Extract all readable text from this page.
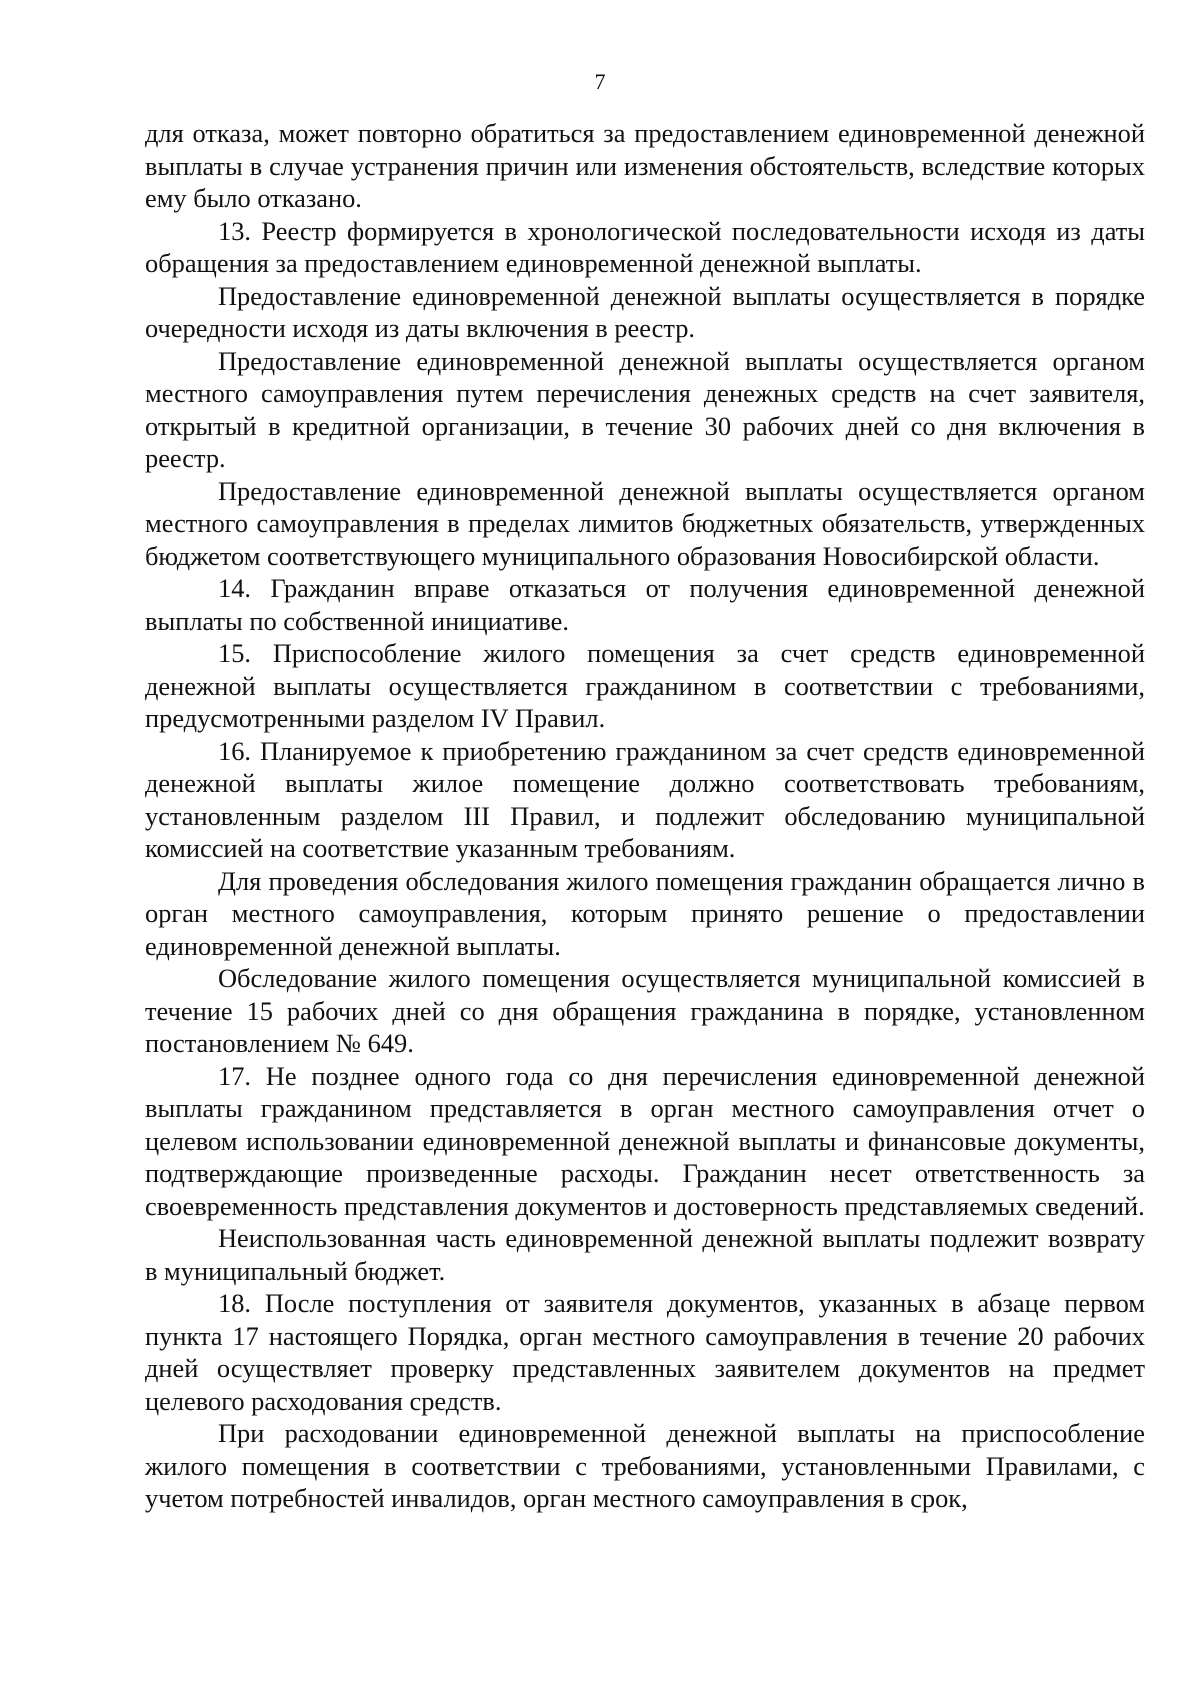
7

для отказа, может повторно обратиться за предоставлением единовременной денежной выплаты в случае устранения причин или изменения обстоятельств, вследствие которых ему было отказано.

13. Реестр формируется в хронологической последовательности исходя из даты обращения за предоставлением единовременной денежной выплаты.

Предоставление единовременной денежной выплаты осуществляется в порядке очередности исходя из даты включения в реестр.

Предоставление единовременной денежной выплаты осуществляется органом местного самоуправления путем перечисления денежных средств на счет заявителя, открытый в кредитной организации, в течение 30 рабочих дней со дня включения в реестр.

Предоставление единовременной денежной выплаты осуществляется органом местного самоуправления в пределах лимитов бюджетных обязательств, утвержденных бюджетом соответствующего муниципального образования Новосибирской области.

14. Гражданин вправе отказаться от получения единовременной денежной выплаты по собственной инициативе.

15. Приспособление жилого помещения за счет средств единовременной денежной выплаты осуществляется гражданином в соответствии с требованиями, предусмотренными разделом IV Правил.

16. Планируемое к приобретению гражданином за счет средств единовременной денежной выплаты жилое помещение должно соответствовать требованиям, установленным разделом III Правил, и подлежит обследованию муниципальной комиссией на соответствие указанным требованиям.

Для проведения обследования жилого помещения гражданин обращается лично в орган местного самоуправления, которым принято решение о предоставлении единовременной денежной выплаты.

Обследование жилого помещения осуществляется муниципальной комиссией в течение 15 рабочих дней со дня обращения гражданина в порядке, установленном постановлением № 649.

17. Не позднее одного года со дня перечисления единовременной денежной выплаты гражданином представляется в орган местного самоуправления отчет о целевом использовании единовременной денежной выплаты и финансовые документы, подтверждающие произведенные расходы. Гражданин несет ответственность за своевременность представления документов и достоверность представляемых сведений.

Неиспользованная часть единовременной денежной выплаты подлежит возврату в муниципальный бюджет.

18. После поступления от заявителя документов, указанных в абзаце первом пункта 17 настоящего Порядка, орган местного самоуправления в течение 20 рабочих дней осуществляет проверку представленных заявителем документов на предмет целевого расходования средств.

При расходовании единовременной денежной выплаты на приспособление жилого помещения в соответствии с требованиями, установленными Правилами, с учетом потребностей инвалидов, орган местного самоуправления в срок,
